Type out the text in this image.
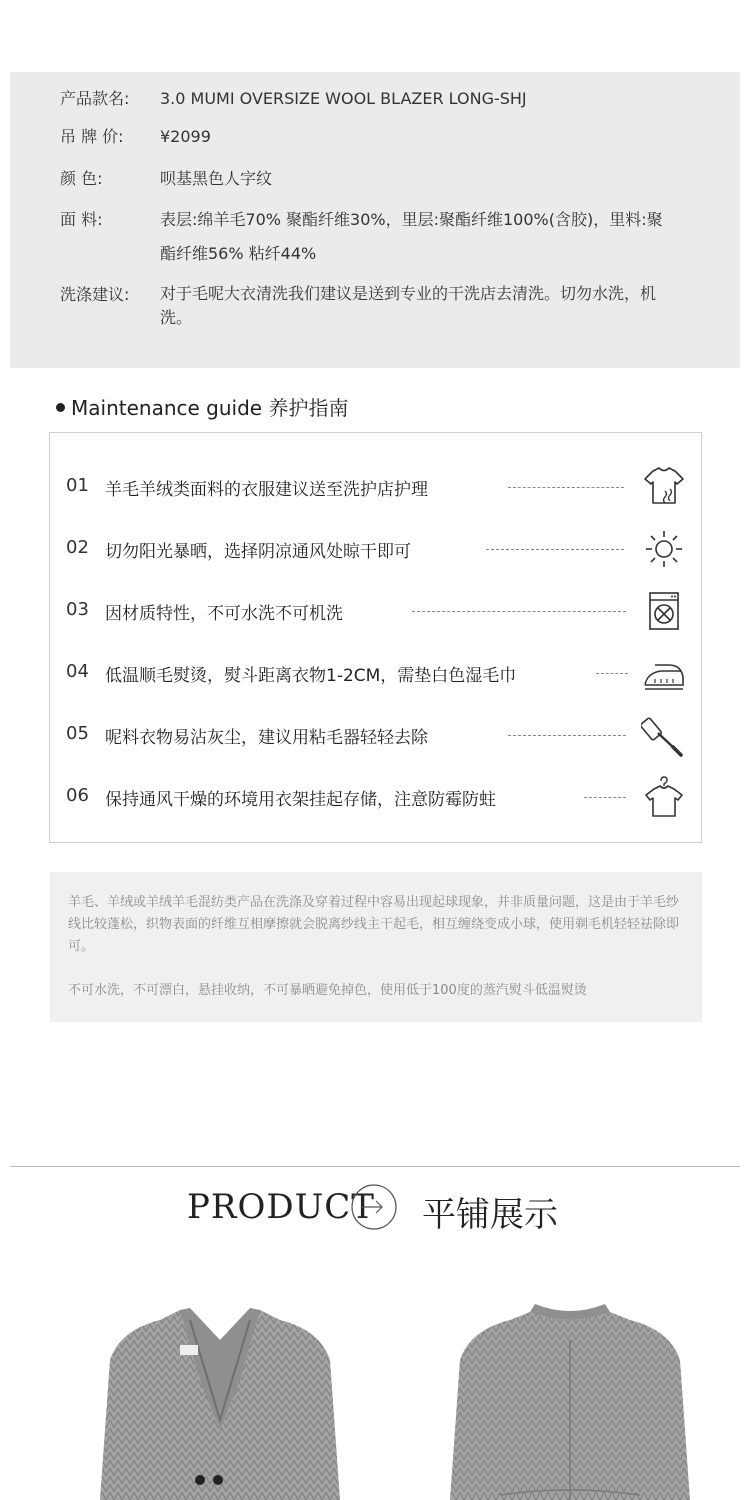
产品款名:	3.0 MUMI OVERSIZE WOOL BLAZER LONG-SHJ
吊 牌 价:	¥2099
颜 色:	呗基黑色人字纹
面 料:	表层:绵羊毛70% 聚酯纤维30%，里层:聚酯纤维100%(含胶)，里料:聚酯纤维56% 粘纤44%
洗涤建议:	对于毛呢大衣清洗我们建议是送到专业的干洗店去清洗。切勿水洗，机洗。
Maintenance guide 养护指南
01 羊毛羊绒类面料的衣服建议送至洗护店护理
02 切勿阳光暴晒，选择阴凉通风处晾干即可
03 因材质特性，不可水洗不可机洗
04 低温顺毛熨烫，熨斗距离衣物1-2CM，需垫白色湿毛巾
05 呢料衣物易沾灰尘，建议用粘毛器轻轻去除
06 保持通风干燥的环境用衣架挂起存储，注意防霉防蛀

羊毛、羊绒或羊绒羊毛混纺类产品在洗涤及穿着过程中容易出现起球现象，并非质量问题，这是由于羊毛纱线比较蓬松，织物表面的纤维互相摩擦就会脱离纱线主干起毛，相互缠绕变成小球，使用剃毛机轻轻祛除即可。

不可水洗，不可漂白，悬挂收纳，不可暴晒避免掉色，使用低于100度的蒸汽熨斗低温熨烫

PRODUCT 平铺展示
